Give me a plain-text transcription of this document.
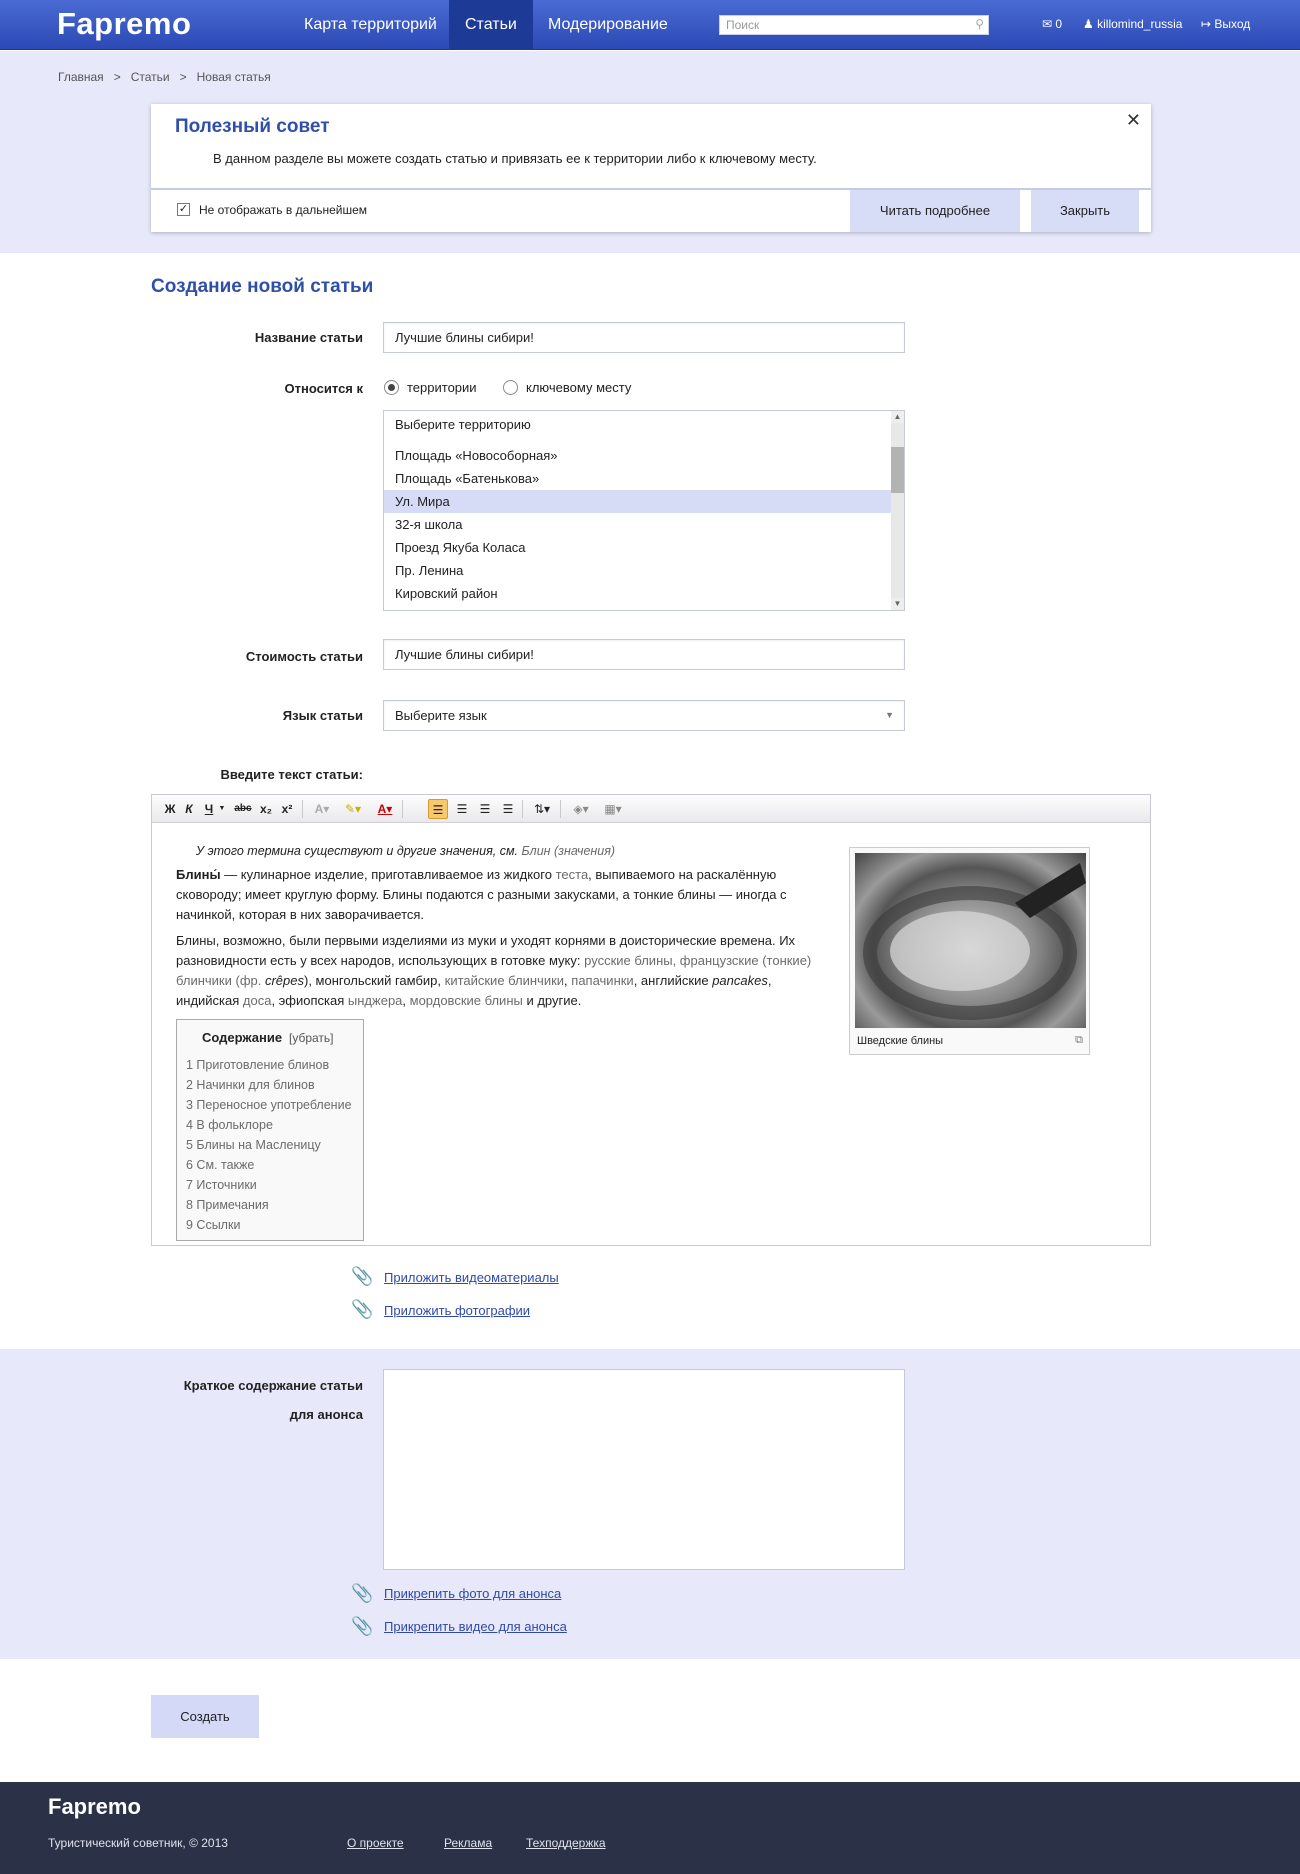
Fapremo	Карта территорий	Статьи	Модерирование	Поиск	⚲	✉ 0 ♟ killomind_russia ↦ Выход
Главная   >   Статьи   >   Новая статья
Полезный совет
В данном разделе вы можете создать статью и привязать ее к территории либо к ключевому месту.
✕
✓ Не отображать в дальнейшем	Читать подробнее	Закрыть
Создание новой статьи
Название статьи	Лучшие блины сибири!
Относится к	территории	ключевому месту
Выберите территорию
Площадь «Новособорная»
Площадь «Батенькова»
Ул. Мира
32-я школа
Проезд Якуба Коласа
Пр. Ленина
Кировский район
▲
▼
Стоимость статьи	Лучшие блины сибири!
Язык статьи	Выберите язык	▼
Введите текст статьи:
Ж К	Ч ▼ abc x₂ x²	A▾	✎▾	A▾	☰	☰	☰	☰	⇅▾	◈▾	▦▾
У этого термина существуют и другие значения, см. Блин (значения)
Блины́ — кулинарное изделие, приготавливаемое из жидкого теста, выпиваемого на раскалённую сковороду; имеет круглую форму. Блины подаются с разными закусками, а тонкие блины — иногда с начинкой, которая в них заворачивается.
Блины, возможно, были первыми изделиями из муки и уходят корнями в доисторические времена. Их разновидности есть у всех народов, использующих в готовке муку: русские блины, французские (тонкие) блинчики (фр. crêpes), монгольский гамбир, китайские блинчики, папачинки, английские pancakes, индийская доса, эфиопская ынджера, мордовские блины и другие.
Содержание [убрать]
1 Приготовление блинов
2 Начинки для блинов
3 Переносное употребление
4 В фольклоре
5 Блины на Масленицу
6 См. также
7 Источники
8 Примечания
9 Ссылки
Шведские блины	⧉
📎 Приложить видеоматериалы
📎 Приложить фотографии
Краткое содержание статьи
для анонса
📎 Прикрепить фото для анонса
📎 Прикрепить видео для анонса
Создать
Fapremo
Туристический советник, © 2013	О проекте	Реклама	Техподдержка
